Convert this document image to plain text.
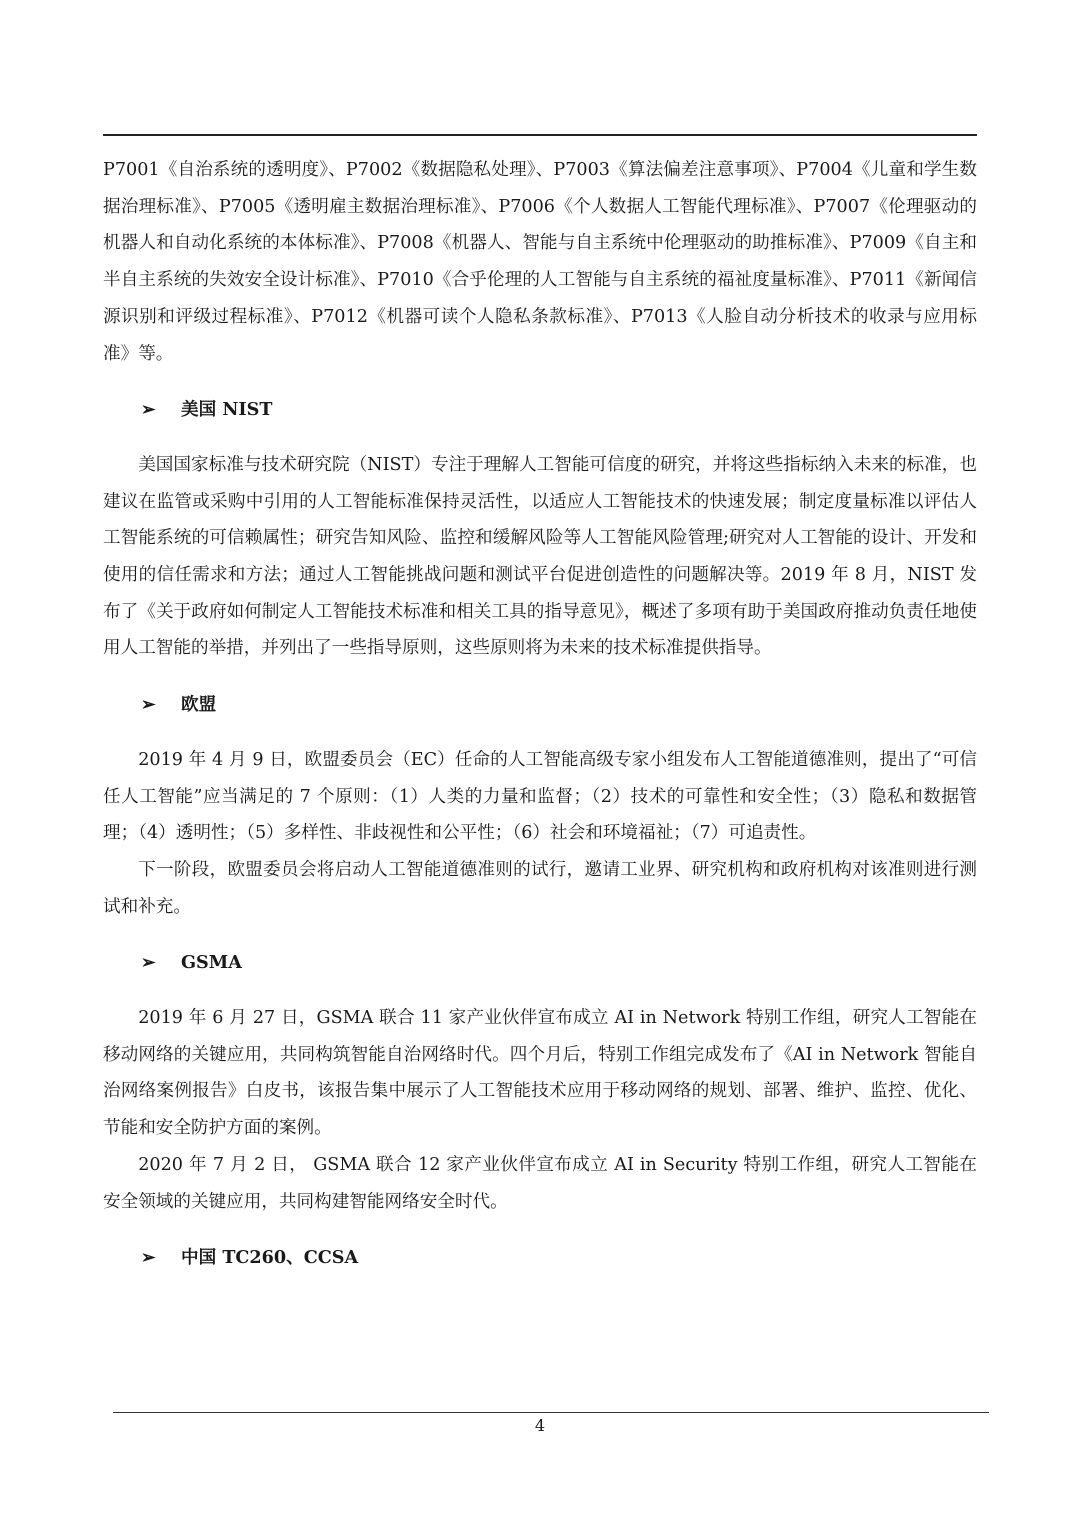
P7001《自治系统的透明度》、P7002《数据隐私处理》、P7003《算法偏差注意事项》、P7004《儿童和学生数据治理标准》、P7005《透明雇主数据治理标准》、P7006《个人数据人工智能代理标准》、P7007《伦理驱动的机器人和自动化系统的本体标准》、P7008《机器人、智能与自主系统中伦理驱动的助推标准》、P7009《自主和半自主系统的失效安全设计标准》、P7010《合乎伦理的人工智能与自主系统的福祉度量标准》、P7011《新闻信源识别和评级过程标准》、P7012《机器可读个人隐私条款标准》、P7013《人脸自动分析技术的收录与应用标准》等。

➢	美国 NIST

美国国家标准与技术研究院（NIST）专注于理解人工智能可信度的研究，并将这些指标纳入未来的标准，也建议在监管或采购中引用的人工智能标准保持灵活性，以适应人工智能技术的快速发展；制定度量标准以评估人工智能系统的可信赖属性；研究告知风险、监控和缓解风险等人工智能风险管理;研究对人工智能的设计、开发和使用的信任需求和方法；通过人工智能挑战问题和测试平台促进创造性的问题解决等。2019 年 8 月，NIST 发布了《关于政府如何制定人工智能技术标准和相关工具的指导意见》，概述了多项有助于美国政府推动负责任地使用人工智能的举措，并列出了一些指导原则，这些原则将为未来的技术标准提供指导。

➢	欧盟

2019 年 4 月 9 日，欧盟委员会（EC）任命的人工智能高级专家小组发布人工智能道德准则，提出了“可信任人工智能”应当满足的 7 个原则：（1）人类的力量和监督；（2）技术的可靠性和安全性；（3）隐私和数据管理；（4）透明性；（5）多样性、非歧视性和公平性；（6）社会和环境福祉；（7）可追责性。

下一阶段，欧盟委员会将启动人工智能道德准则的试行，邀请工业界、研究机构和政府机构对该准则进行测试和补充。

➢	GSMA

2019 年 6 月 27 日，GSMA 联合 11 家产业伙伴宣布成立 AI in Network 特别工作组，研究人工智能在移动网络的关键应用，共同构筑智能自治网络时代。四个月后，特别工作组完成发布了《AI in Network 智能自治网络案例报告》白皮书，该报告集中展示了人工智能技术应用于移动网络的规划、部署、维护、监控、优化、节能和安全防护方面的案例。

2020 年 7 月 2 日， GSMA 联合 12 家产业伙伴宣布成立 AI in Security 特别工作组，研究人工智能在安全领域的关键应用，共同构建智能网络安全时代。

➢	中国 TC260、CCSA
4
